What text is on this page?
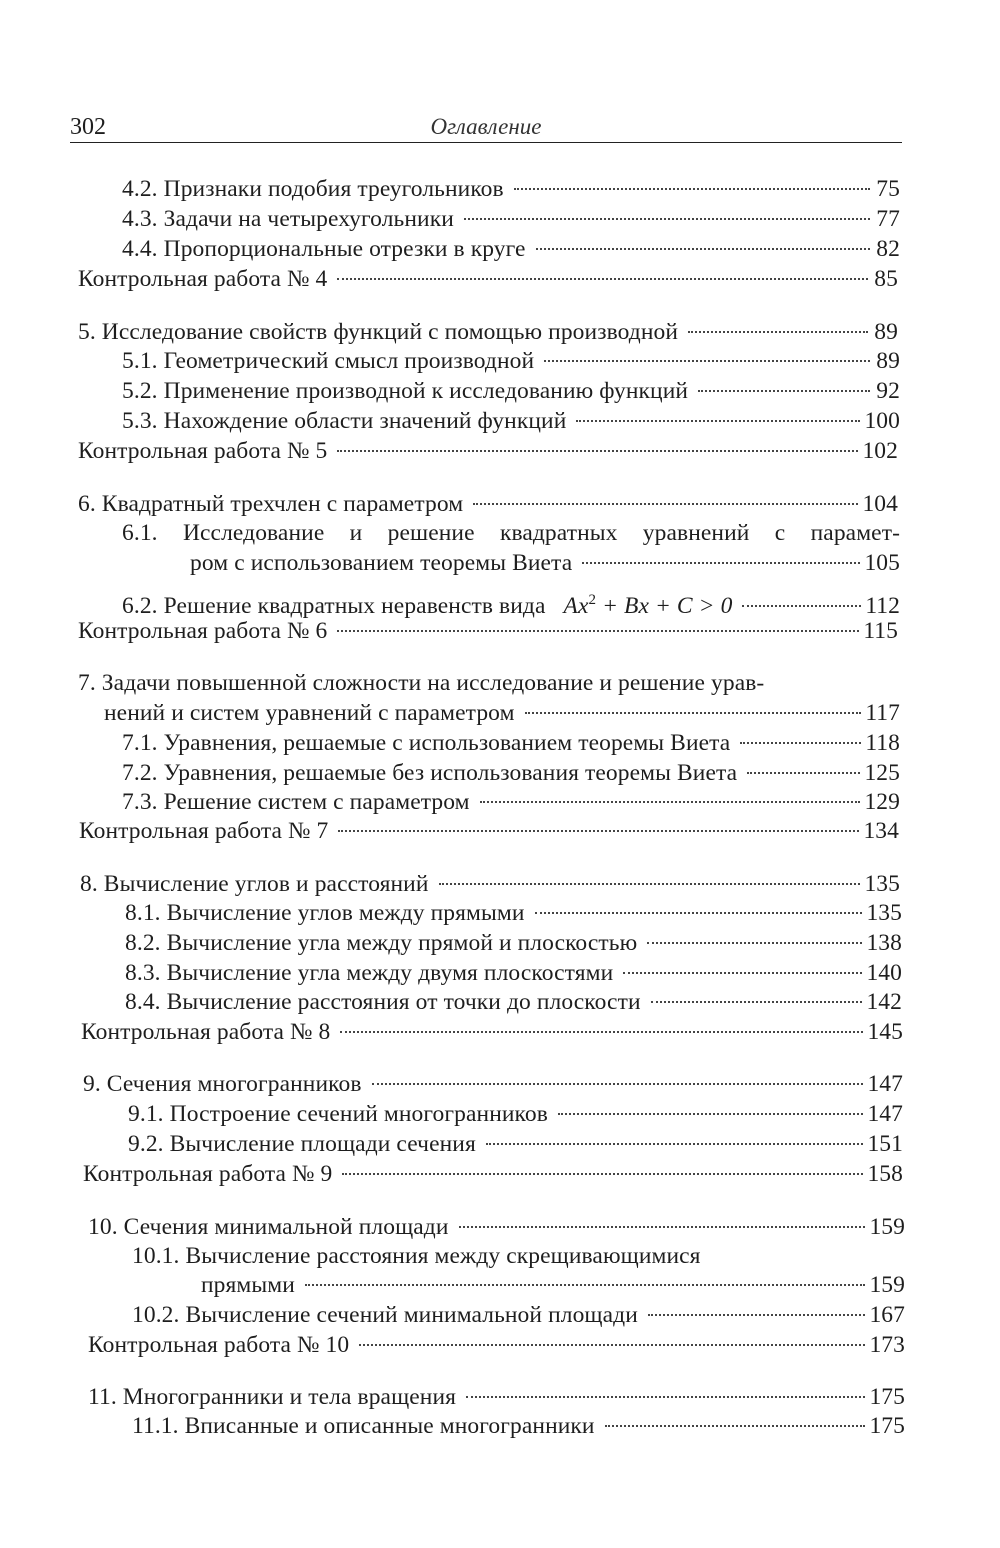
302	Оглавление
4.2. Признаки подобия треугольников	75
4.3. Задачи на четырехугольники	77
4.4. Пропорциональные отрезки в круге	82
Контрольная работа № 4	85
5. Исследование свойств функций с помощью производной	89
5.1. Геометрический смысл производной	89
5.2. Применение производной к исследованию функций	92
5.3. Нахождение области значений функций	100
Контрольная работа № 5	102
6. Квадратный трехчлен с параметром	104
6.1. Исследование и решение квадратных уравнений с парамет-
ром с использованием теоремы Виета	105
6.2. Решение квадратных неравенств вида $Ax^2 + Bx + C > 0$	112
Контрольная работа № 6	115
7. Задачи повышенной сложности на исследование и решение урав-
нений и систем уравнений с параметром	117
7.1. Уравнения, решаемые с использованием теоремы Виета	118
7.2. Уравнения, решаемые без использования теоремы Виета	125
7.3. Решение систем с параметром	129
Контрольная работа № 7	134
8. Вычисление углов и расстояний	135
8.1. Вычисление углов между прямыми	135
8.2. Вычисление угла между прямой и плоскостью	138
8.3. Вычисление угла между двумя плоскостями	140
8.4. Вычисление расстояния от точки до плоскости	142
Контрольная работа № 8	145
9. Сечения многогранников	147
9.1. Построение сечений многогранников	147
9.2. Вычисление площади сечения	151
Контрольная работа № 9	158
10. Сечения минимальной площади	159
10.1. Вычисление расстояния между скрещивающимися
прямыми	159
10.2. Вычисление сечений минимальной площади	167
Контрольная работа № 10	173
11. Многогранники и тела вращения	175
11.1. Вписанные и описанные многогранники	175
